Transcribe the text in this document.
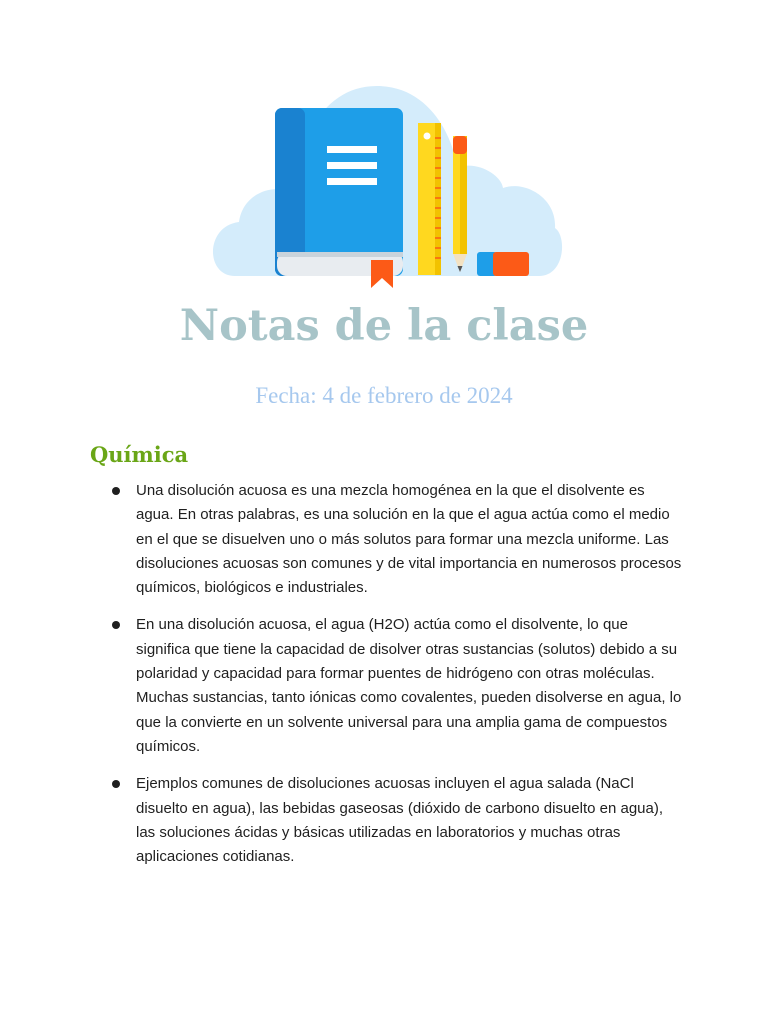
Notas de la clase

Fecha: 4 de febrero de 2024

Química
Una disolución acuosa es una mezcla homogénea en la que el disolvente es agua. En otras palabras, es una solución en la que el agua actúa como el medio en el que se disuelven uno o más solutos para formar una mezcla uniforme. Las disoluciones acuosas son comunes y de vital importancia en numerosos procesos químicos, biológicos e industriales.
En una disolución acuosa, el agua (H2O) actúa como el disolvente, lo que significa que tiene la capacidad de disolver otras sustancias (solutos) debido a su polaridad y capacidad para formar puentes de hidrógeno con otras moléculas. Muchas sustancias, tanto iónicas como covalentes, pueden disolverse en agua, lo que la convierte en un solvente universal para una amplia gama de compuestos químicos.
Ejemplos comunes de disoluciones acuosas incluyen el agua salada (NaCl disuelto en agua), las bebidas gaseosas (dióxido de carbono disuelto en agua), las soluciones ácidas y básicas utilizadas en laboratorios y muchas otras aplicaciones cotidianas.
